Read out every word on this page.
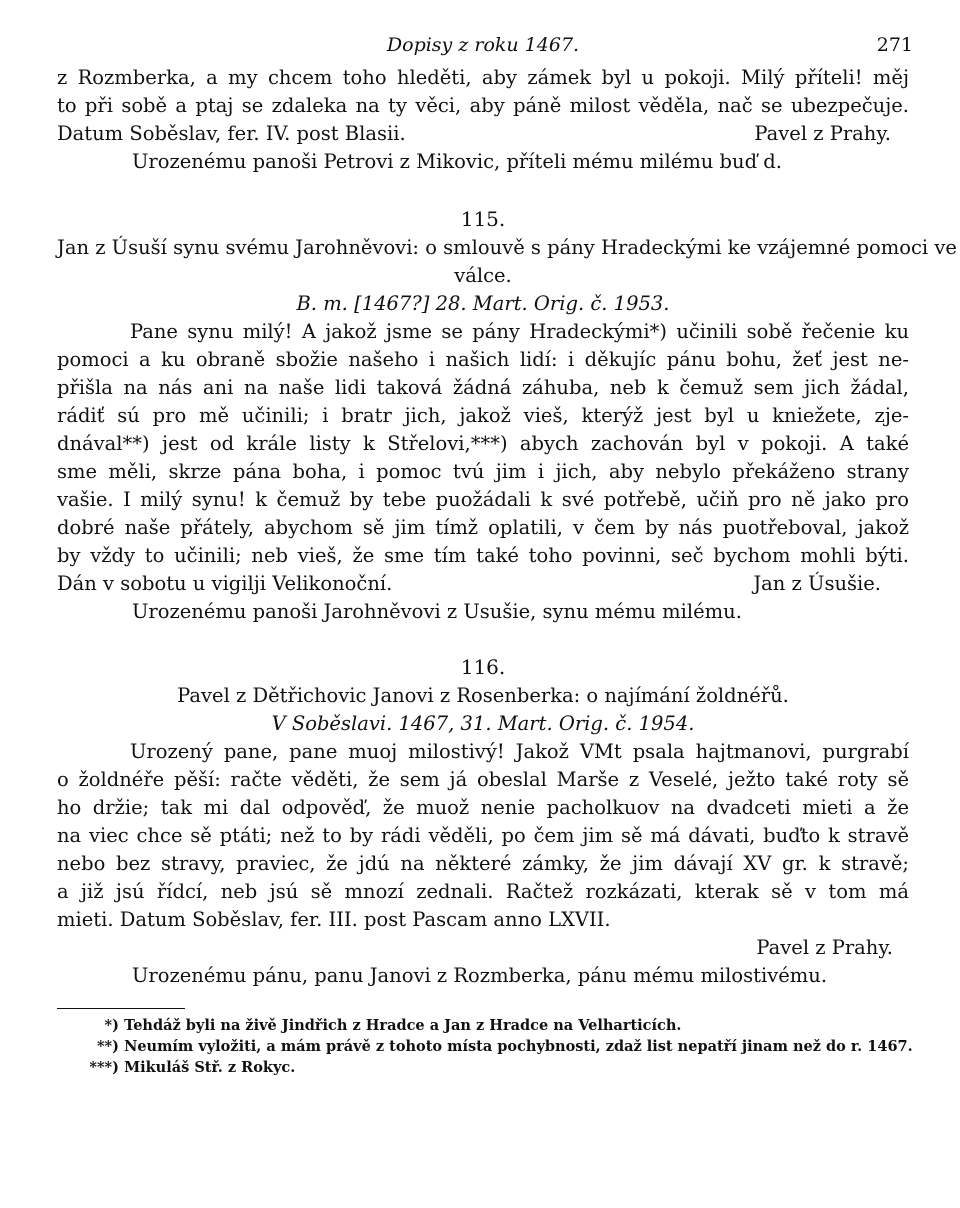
Dopisy z roku 1467.	271
z Rozmberka, a my chcem toho hleděti, aby zámek byl u pokoji. Milý příteli! měj
to při sobě a ptaj se zdaleka na ty věci, aby páně milost věděla, nač se ubezpečuje.
Datum Soběslav, fer. IV. post Blasii.	Pavel z Prahy.
Urozenému panoši Petrovi z Mikovic, příteli mému milému buď d.
115.
Jan z Úsuší synu svému Jarohněvovi: o smlouvě s pány Hradeckými ke vzájemné pomoci ve
válce.
B. m. [1467?] 28. Mart. Orig. č. 1953.
Pane synu milý! A jakož jsme se pány Hradeckými*) učinili sobě řečenie ku
pomoci a ku obraně sbožie našeho i našich lidí: i děkujíc pánu bohu, žeť jest ne-
přišla na nás ani na naše lidi taková žádná záhuba, neb k čemuž sem jich žádal,
rádiť sú pro mě učinili; i bratr jich, jakož vieš, kterýž jest byl u kniežete, zje-
dnával**) jest od krále listy k Střelovi,***) abych zachován byl v pokoji. A také
sme měli, skrze pána boha, i pomoc tvú jim i jich, aby nebylo překáženo strany
vašie. I milý synu! k čemuž by tebe puožádali k své potřebě, učiň pro ně jako pro
dobré naše přátely, abychom sě jim tímž oplatili, v čem by nás puotřeboval, jakož
by vždy to učinili; neb vieš, že sme tím také toho povinni, seč bychom mohli býti.
Dán v sobotu u vigilji Velikonoční.	Jan z Úsušie.
Urozenému panoši Jarohněvovi z Usušie, synu mému milému.
116.
Pavel z Dětřichovic Janovi z Rosenberka: o najímání žoldnéřů.
V Soběslavi. 1467, 31. Mart. Orig. č. 1954.
Urozený pane, pane muoj milostivý! Jakož VMt psala hajtmanovi, purgrabí
o žoldnéře pěší: račte věděti, že sem já obeslal Marše z Veselé, ježto také roty sě
ho držie; tak mi dal odpověď, že muož nenie pacholkuov na dvadceti mieti a že
na viec chce sě ptáti; než to by rádi věděli, po čem jim sě má dávati, buďto k stravě
nebo bez stravy, praviec, že jdú na některé zámky, že jim dávají XV gr. k stravě;
a již jsú řídcí, neb jsú sě mnozí zednali. Račtež rozkázati, kterak sě v tom má
mieti. Datum Soběslav, fer. III. post Pascam anno LXVII.
Pavel z Prahy.
Urozenému pánu, panu Janovi z Rozmberka, pánu mému milostivému.
*) Tehdáž byli na živě Jindřich z Hradce a Jan z Hradce na Velharticích.
**) Neumím vyložiti, a mám právě z tohoto místa pochybnosti, zdaž list nepatří jinam než do r. 1467.
***) Mikuláš Stř. z Rokyc.
